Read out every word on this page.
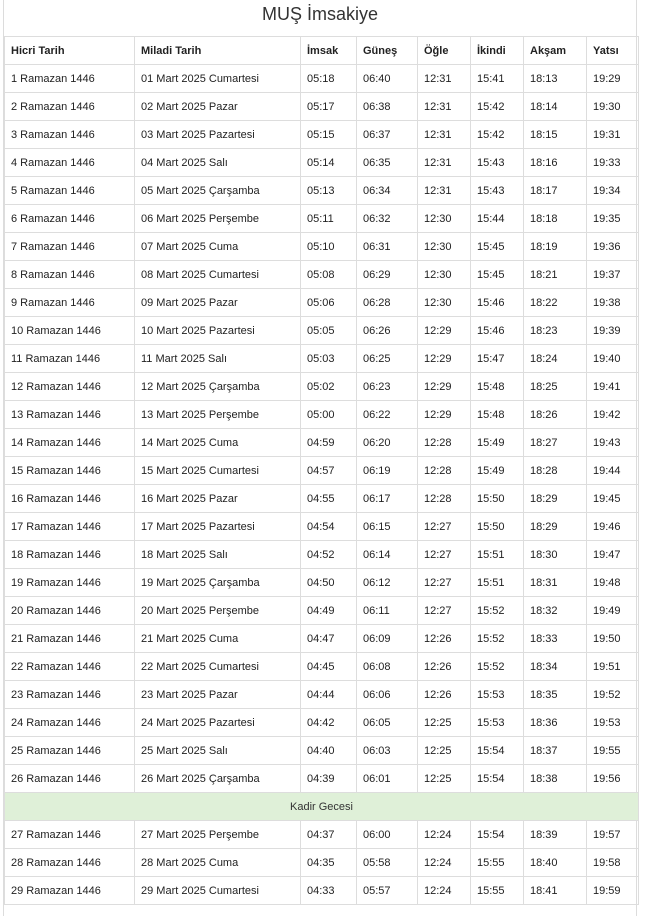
MUŞ İmsakiye
Hicri Tarih	Miladi Tarih	İmsak	Güneş	Öğle	İkindi	Akşam	Yatsı
1 Ramazan 1446	01 Mart 2025 Cumartesi	05:18	06:40	12:31	15:41	18:13	19:29
2 Ramazan 1446	02 Mart 2025 Pazar	05:17	06:38	12:31	15:42	18:14	19:30
3 Ramazan 1446	03 Mart 2025 Pazartesi	05:15	06:37	12:31	15:42	18:15	19:31
4 Ramazan 1446	04 Mart 2025 Salı	05:14	06:35	12:31	15:43	18:16	19:33
5 Ramazan 1446	05 Mart 2025 Çarşamba	05:13	06:34	12:31	15:43	18:17	19:34
6 Ramazan 1446	06 Mart 2025 Perşembe	05:11	06:32	12:30	15:44	18:18	19:35
7 Ramazan 1446	07 Mart 2025 Cuma	05:10	06:31	12:30	15:45	18:19	19:36
8 Ramazan 1446	08 Mart 2025 Cumartesi	05:08	06:29	12:30	15:45	18:21	19:37
9 Ramazan 1446	09 Mart 2025 Pazar	05:06	06:28	12:30	15:46	18:22	19:38
10 Ramazan 1446	10 Mart 2025 Pazartesi	05:05	06:26	12:29	15:46	18:23	19:39
11 Ramazan 1446	11 Mart 2025 Salı	05:03	06:25	12:29	15:47	18:24	19:40
12 Ramazan 1446	12 Mart 2025 Çarşamba	05:02	06:23	12:29	15:48	18:25	19:41
13 Ramazan 1446	13 Mart 2025 Perşembe	05:00	06:22	12:29	15:48	18:26	19:42
14 Ramazan 1446	14 Mart 2025 Cuma	04:59	06:20	12:28	15:49	18:27	19:43
15 Ramazan 1446	15 Mart 2025 Cumartesi	04:57	06:19	12:28	15:49	18:28	19:44
16 Ramazan 1446	16 Mart 2025 Pazar	04:55	06:17	12:28	15:50	18:29	19:45
17 Ramazan 1446	17 Mart 2025 Pazartesi	04:54	06:15	12:27	15:50	18:29	19:46
18 Ramazan 1446	18 Mart 2025 Salı	04:52	06:14	12:27	15:51	18:30	19:47
19 Ramazan 1446	19 Mart 2025 Çarşamba	04:50	06:12	12:27	15:51	18:31	19:48
20 Ramazan 1446	20 Mart 2025 Perşembe	04:49	06:11	12:27	15:52	18:32	19:49
21 Ramazan 1446	21 Mart 2025 Cuma	04:47	06:09	12:26	15:52	18:33	19:50
22 Ramazan 1446	22 Mart 2025 Cumartesi	04:45	06:08	12:26	15:52	18:34	19:51
23 Ramazan 1446	23 Mart 2025 Pazar	04:44	06:06	12:26	15:53	18:35	19:52
24 Ramazan 1446	24 Mart 2025 Pazartesi	04:42	06:05	12:25	15:53	18:36	19:53
25 Ramazan 1446	25 Mart 2025 Salı	04:40	06:03	12:25	15:54	18:37	19:55
26 Ramazan 1446	26 Mart 2025 Çarşamba	04:39	06:01	12:25	15:54	18:38	19:56
Kadir Gecesi							
27 Ramazan 1446	27 Mart 2025 Perşembe	04:37	06:00	12:24	15:54	18:39	19:57
28 Ramazan 1446	28 Mart 2025 Cuma	04:35	05:58	12:24	15:55	18:40	19:58
29 Ramazan 1446	29 Mart 2025 Cumartesi	04:33	05:57	12:24	15:55	18:41	19:59
